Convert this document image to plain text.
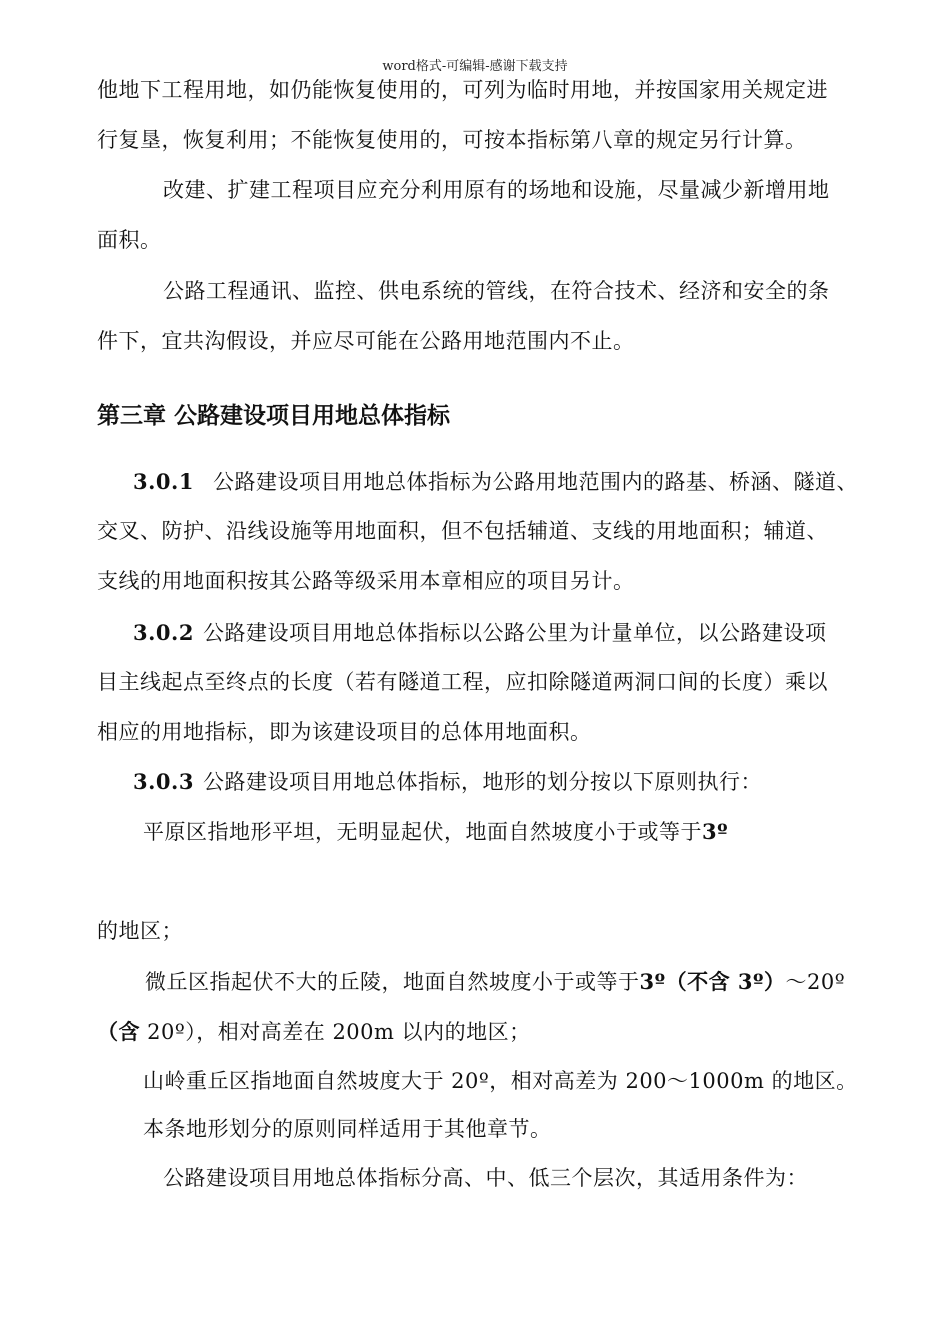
word格式-可编辑-感谢下载支持
他地下工程用地，如仍能恢复使用的，可列为临时用地，并按国家用关规定进
行复垦，恢复利用；不能恢复使用的，可按本指标第八章的规定另行计算。
改建、扩建工程项目应充分利用原有的场地和设施，尽量减少新增用地
面积。
公路工程通讯、监控、供电系统的管线，在符合技术、经济和安全的条
件下，宜共沟假设，并应尽可能在公路用地范围内不止。
第三章 公路建设项目用地总体指标
3.0.1 公路建设项目用地总体指标为公路用地范围内的路基、桥涵、隧道、
交叉、防护、沿线设施等用地面积，但不包括辅道、支线的用地面积；辅道、
支线的用地面积按其公路等级采用本章相应的项目另计。
3.0.2 公路建设项目用地总体指标以公路公里为计量单位，以公路建设项
目主线起点至终点的长度（若有隧道工程，应扣除隧道两洞口间的长度）乘以
相应的用地指标，即为该建设项目的总体用地面积。
3.0.3 公路建设项目用地总体指标，地形的划分按以下原则执行：
平原区指地形平坦，无明显起伏，地面自然坡度小于或等于3º
的地区；
微丘区指起伏不大的丘陵，地面自然坡度小于或等于3º（不含 3º）～20º
（含 20º），相对高差在 200m 以内的地区；
山岭重丘区指地面自然坡度大于 20º，相对高差为 200～1000m 的地区。
本条地形划分的原则同样适用于其他章节。
公路建设项目用地总体指标分高、中、低三个层次，其适用条件为：
